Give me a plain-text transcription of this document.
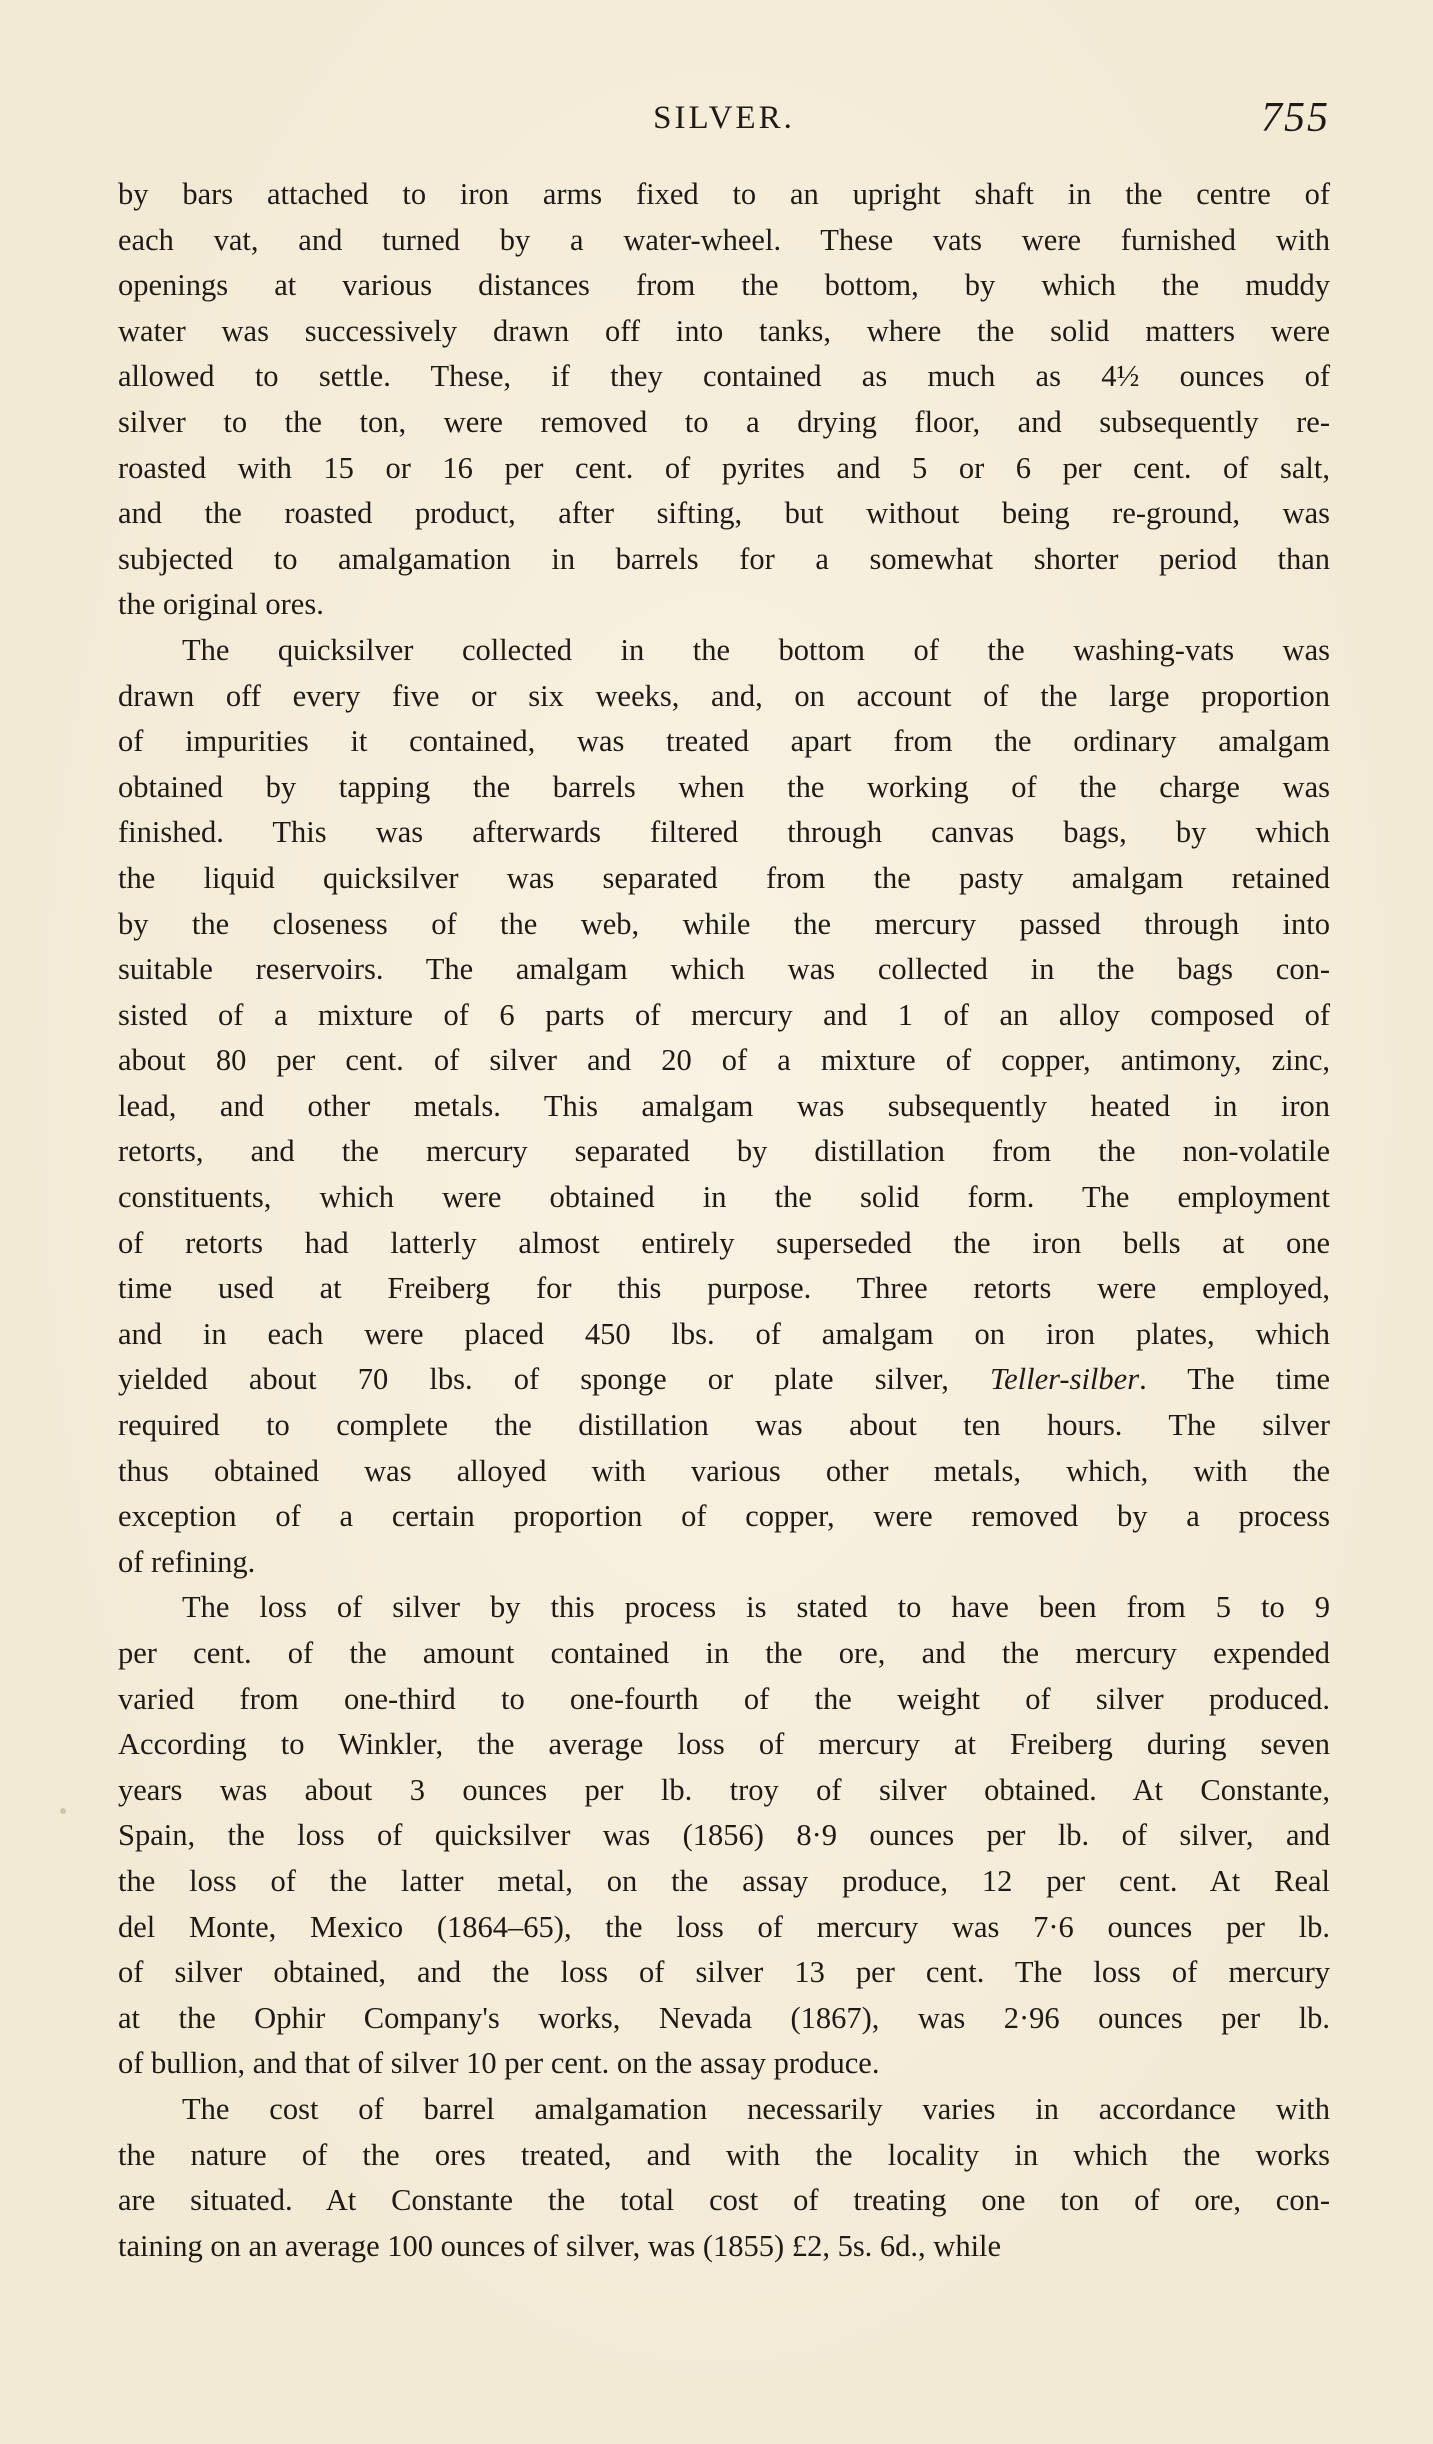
SILVER.	755
by bars attached to iron arms fixed to an upright shaft in the centre of
each vat, and turned by a water-wheel. These vats were furnished with
openings at various distances from the bottom, by which the muddy
water was successively drawn off into tanks, where the solid matters were
allowed to settle. These, if they contained as much as 4½ ounces of
silver to the ton, were removed to a drying floor, and subsequently re-
roasted with 15 or 16 per cent. of pyrites and 5 or 6 per cent. of salt,
and the roasted product, after sifting, but without being re-ground, was
subjected to amalgamation in barrels for a somewhat shorter period than
the original ores.
The quicksilver collected in the bottom of the washing-vats was
drawn off every five or six weeks, and, on account of the large proportion
of impurities it contained, was treated apart from the ordinary amalgam
obtained by tapping the barrels when the working of the charge was
finished. This was afterwards filtered through canvas bags, by which
the liquid quicksilver was separated from the pasty amalgam retained
by the closeness of the web, while the mercury passed through into
suitable reservoirs. The amalgam which was collected in the bags con-
sisted of a mixture of 6 parts of mercury and 1 of an alloy composed of
about 80 per cent. of silver and 20 of a mixture of copper, antimony, zinc,
lead, and other metals. This amalgam was subsequently heated in iron
retorts, and the mercury separated by distillation from the non-volatile
constituents, which were obtained in the solid form. The employment
of retorts had latterly almost entirely superseded the iron bells at one
time used at Freiberg for this purpose. Three retorts were employed,
and in each were placed 450 lbs. of amalgam on iron plates, which
yielded about 70 lbs. of sponge or plate silver, Teller-silber. The time
required to complete the distillation was about ten hours. The silver
thus obtained was alloyed with various other metals, which, with the
exception of a certain proportion of copper, were removed by a process
of refining.
The loss of silver by this process is stated to have been from 5 to 9
per cent. of the amount contained in the ore, and the mercury expended
varied from one-third to one-fourth of the weight of silver produced.
According to Winkler, the average loss of mercury at Freiberg during seven
years was about 3 ounces per lb. troy of silver obtained. At Constante,
Spain, the loss of quicksilver was (1856) 8·9 ounces per lb. of silver, and
the loss of the latter metal, on the assay produce, 12 per cent. At Real
del Monte, Mexico (1864–65), the loss of mercury was 7·6 ounces per lb.
of silver obtained, and the loss of silver 13 per cent. The loss of mercury
at the Ophir Company's works, Nevada (1867), was 2·96 ounces per lb.
of bullion, and that of silver 10 per cent. on the assay produce.
The cost of barrel amalgamation necessarily varies in accordance with
the nature of the ores treated, and with the locality in which the works
are situated. At Constante the total cost of treating one ton of ore, con-
taining on an average 100 ounces of silver, was (1855) £2, 5s. 6d., while
